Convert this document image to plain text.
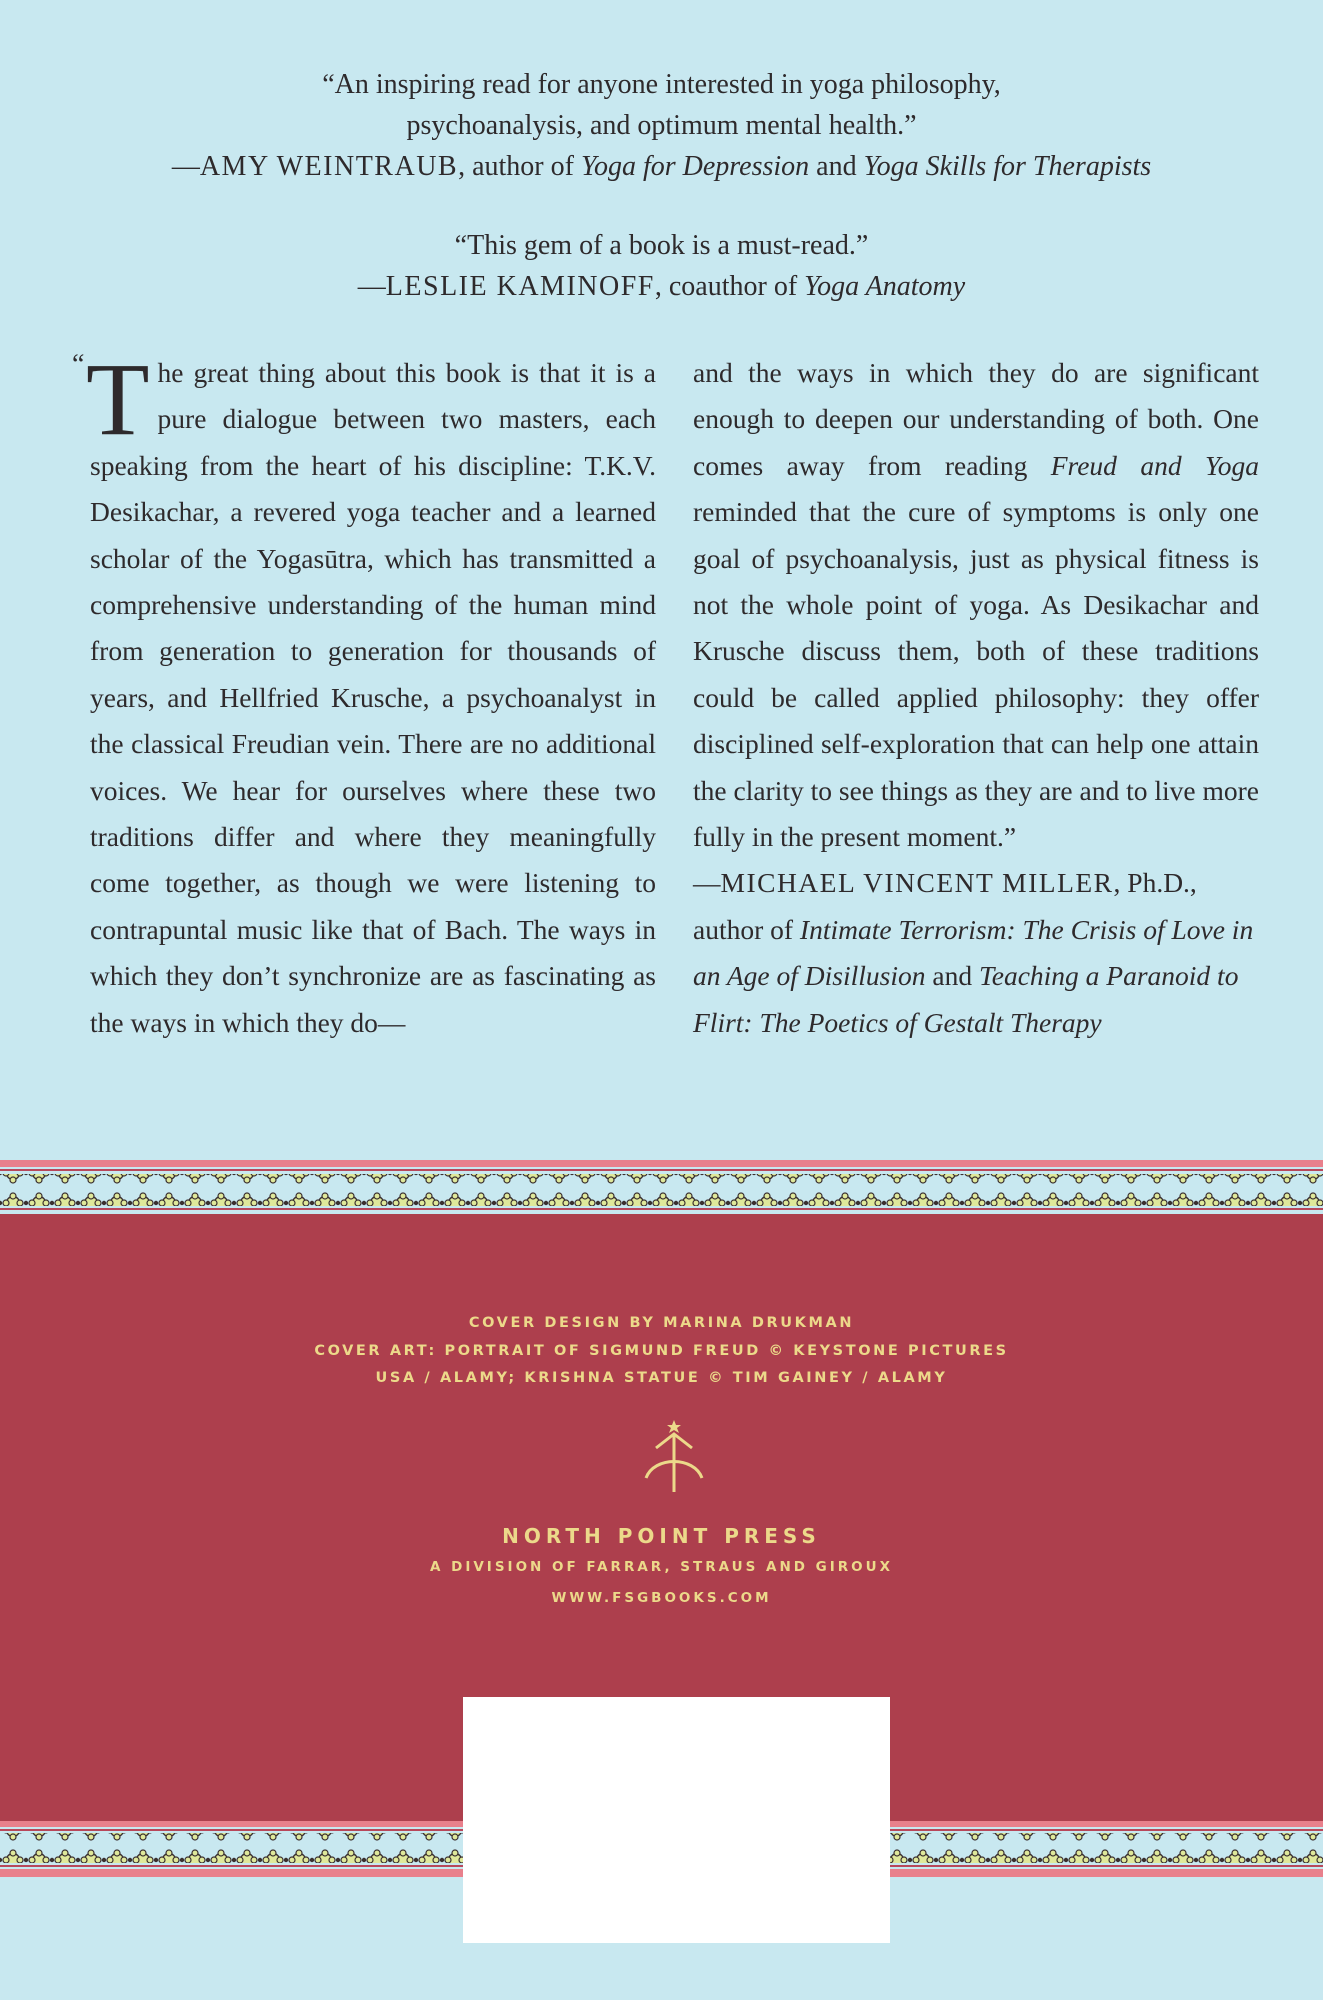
“An inspiring read for anyone interested in yoga philosophy,
psychoanalysis, and optimum mental health.”
—AMY WEINTRAUB, author of Yoga for Depression and Yoga Skills for Therapists
“This gem of a book is a must-read.”
—LESLIE KAMINOFF, coauthor of Yoga Anatomy
“ T he great thing about this book is that it is a pure dialogue between two masters, each speaking from the heart of his discipline: T.K.V. Desikachar, a revered yoga teacher and a learned scholar of the Yogasūtra, which has transmitted a comprehensive understanding of the human mind from generation to generation for thousands of years, and Hellfried Krusche, a psychoanalyst in the classical Freudian vein. There are no additional voices. We hear for ourselves where these two traditions differ and where they meaningfully come together, as though we were listening to contrapuntal music like that of Bach. The ways in which they don’t synchronize are as fascinating as the ways in which they do—

and the ways in which they do are significant enough to deepen our understanding of both. One comes away from reading Freud and Yoga reminded that the cure of symptoms is only one goal of psychoanalysis, just as physical fitness is not the whole point of yoga. As Desikachar and Krusche discuss them, both of these traditions could be called applied philosophy: they offer disciplined self-exploration that can help one attain the clarity to see things as they are and to live more fully in the present moment.”

—MICHAEL VINCENT MILLER, Ph.D., author of Intimate Terrorism: The Crisis of Love in an Age of Disillusion and Teaching a Paranoid to Flirt: The Poetics of Gestalt Therapy

COVER DESIGN BY MARINA DRUKMAN
COVER ART: PORTRAIT OF SIGMUND FREUD © KEYSTONE PICTURES
USA / ALAMY; KRISHNA STATUE © TIM GAINEY / ALAMY
NORTH POINT PRESS
A DIVISION OF FARRAR, STRAUS AND GIROUX
WWW.FSGBOOKS.COM
